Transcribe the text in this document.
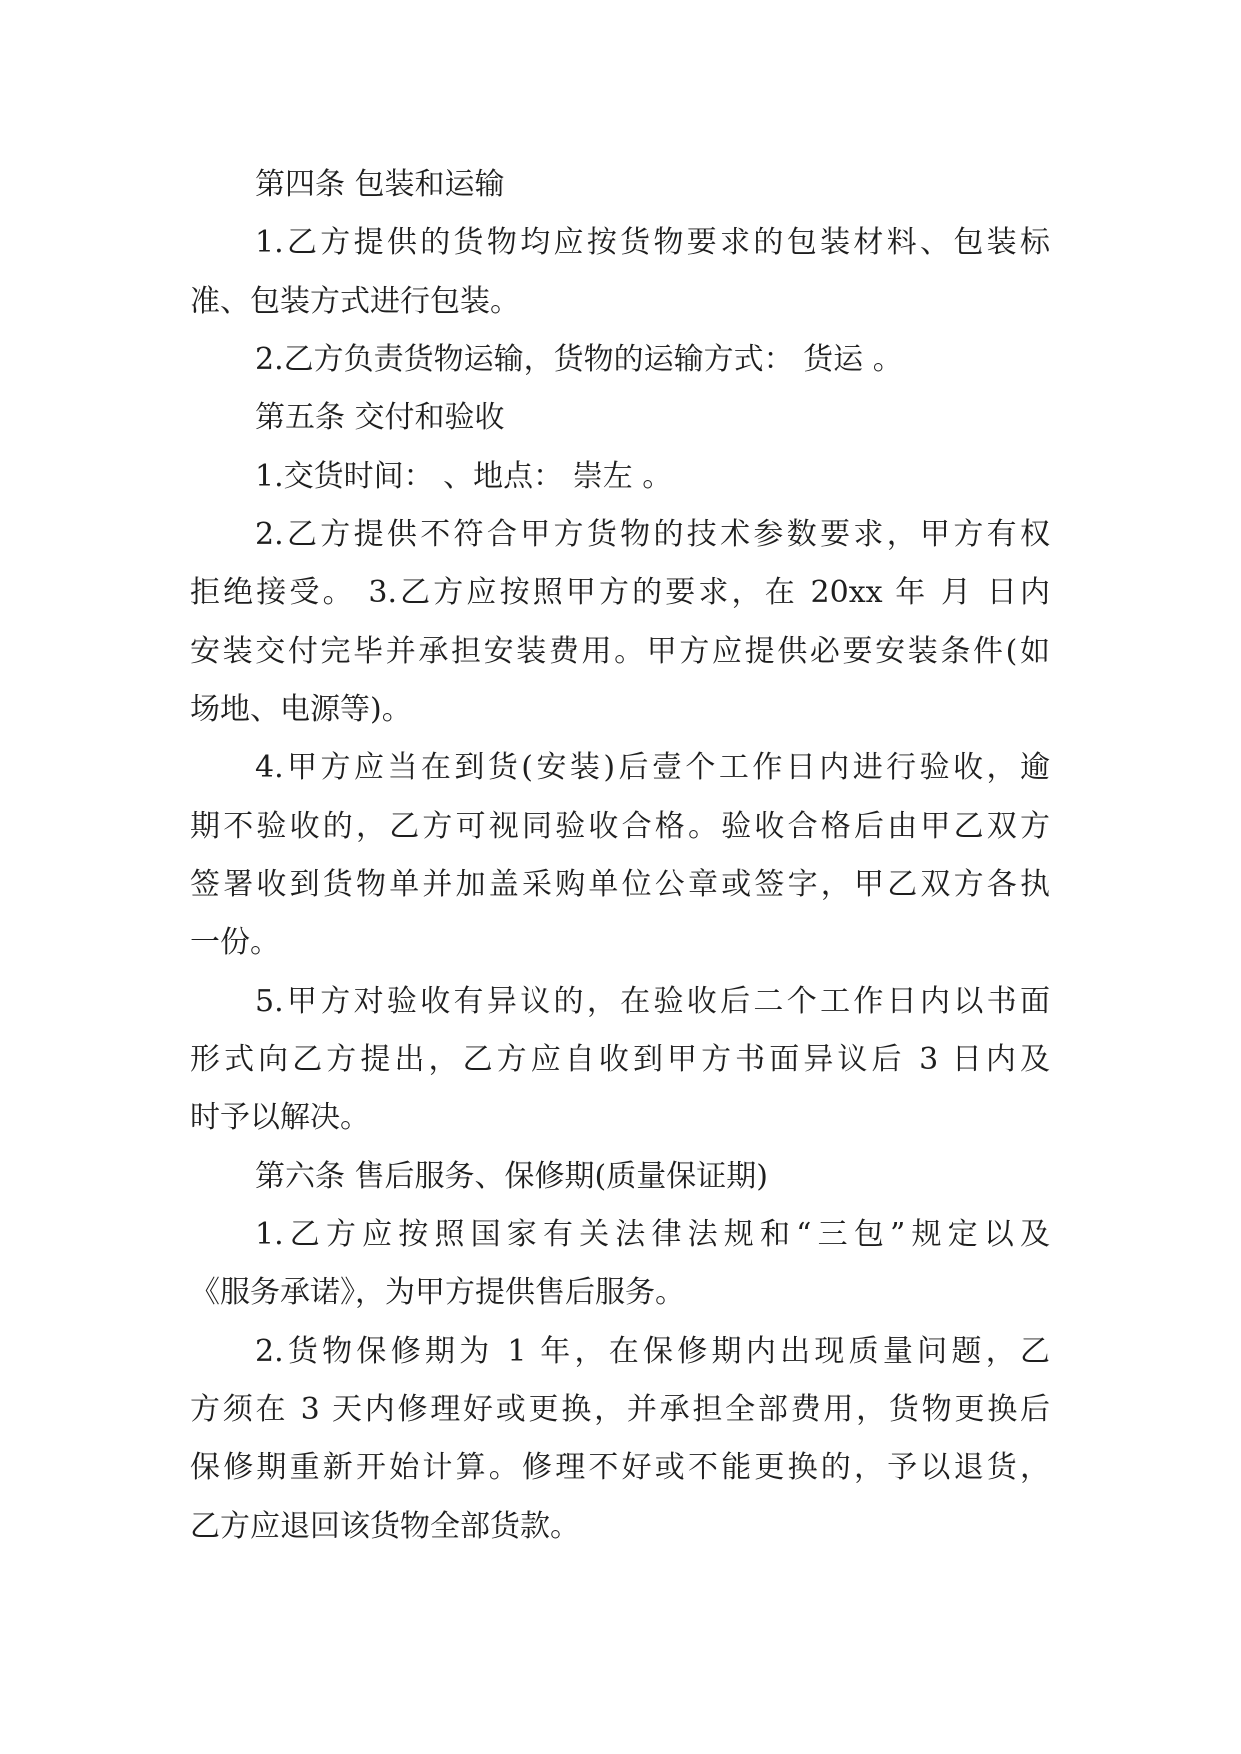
第四条 包装和运输
1.乙方提供的货物均应按货物要求的包装材料、包装标
准、包装方式进行包装。
2.乙方负责货物运输，货物的运输方式： 货运 。
第五条 交付和验收
1.交货时间： 、地点： 崇左 。
2.乙方提供不符合甲方货物的技术参数要求，甲方有权
拒绝接受。 3.乙方应按照甲方的要求，在 20xx 年 月 日内
安装交付完毕并承担安装费用。甲方应提供必要安装条件(如
场地、电源等)。
4.甲方应当在到货(安装)后壹个工作日内进行验收，逾
期不验收的，乙方可视同验收合格。验收合格后由甲乙双方
签署收到货物单并加盖采购单位公章或签字，甲乙双方各执
一份。
5.甲方对验收有异议的，在验收后二个工作日内以书面
形式向乙方提出，乙方应自收到甲方书面异议后 3 日内及
时予以解决。
第六条 售后服务、保修期(质量保证期)
1.乙方应按照国家有关法律法规和“三包”规定以及
《服务承诺》，为甲方提供售后服务。
2.货物保修期为 1 年，在保修期内出现质量问题，乙
方须在 3 天内修理好或更换，并承担全部费用，货物更换后
保修期重新开始计算。修理不好或不能更换的，予以退货，
乙方应退回该货物全部货款。
